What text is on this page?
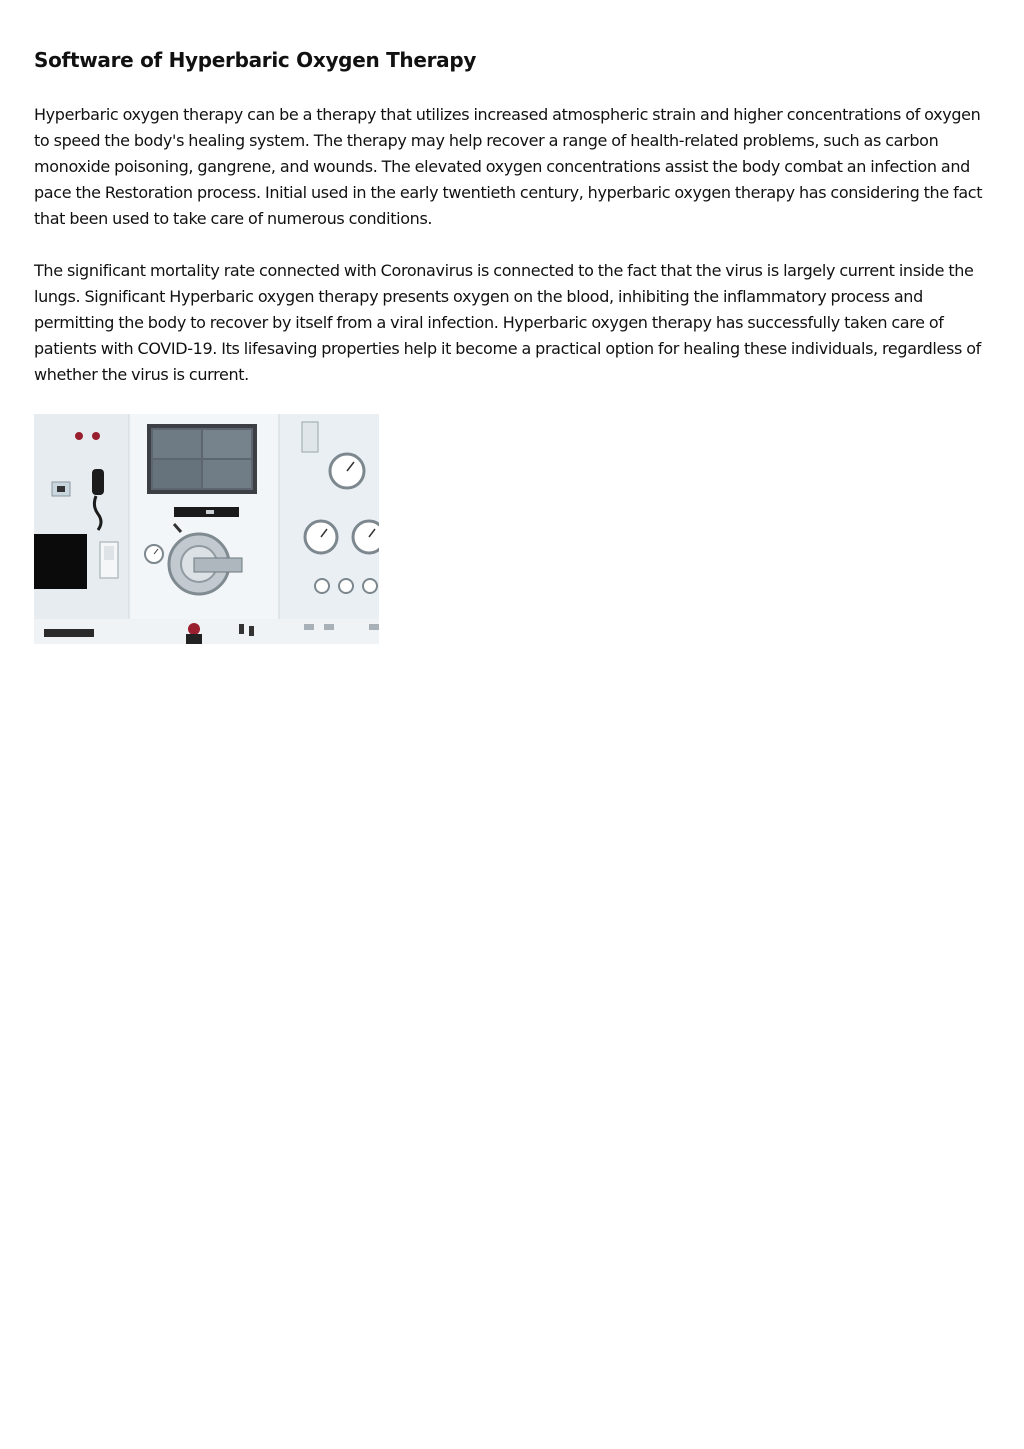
Software of Hyperbaric Oxygen Therapy

Hyperbaric oxygen therapy can be a therapy that utilizes increased atmospheric strain and higher concentrations of oxygen to speed the body's healing system. The therapy may help recover a range of health-related problems, such as carbon monoxide poisoning, gangrene, and wounds. The elevated oxygen concentrations assist the body combat an infection and pace the Restoration process. Initial used in the early twentieth century, hyperbaric oxygen therapy has considering the fact that been used to take care of numerous conditions.

The significant mortality rate connected with Coronavirus is connected to the fact that the virus is largely current inside the lungs. Significant Hyperbaric oxygen therapy presents oxygen on the blood, inhibiting the inflammatory process and permitting the body to recover by itself from a viral infection. Hyperbaric oxygen therapy has successfully taken care of patients with COVID-19. Its lifesaving properties help it become a practical option for healing these individuals, regardless of whether the virus is current.
